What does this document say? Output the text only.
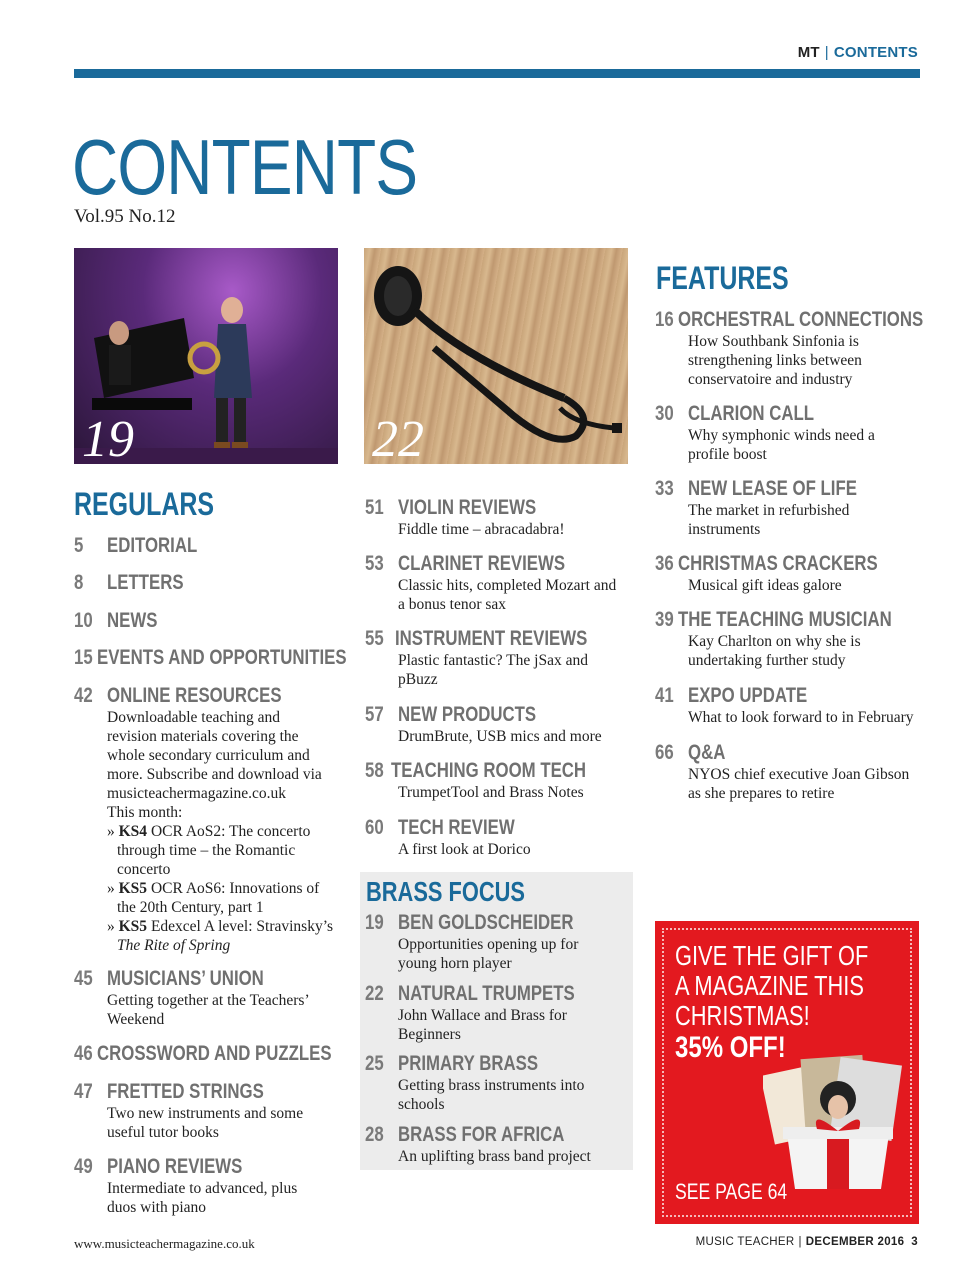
MT | CONTENTS
CONTENTS
Vol.95 No.12
19	22
REGULARS
5	EDITORIAL
8	LETTERS
10 NEWS
15 EVENTS AND OPPORTUNITIES
42 ONLINE RESOURCES
Downloadable teaching and
revision materials covering the
whole secondary curriculum and
more. Subscribe and download via
musicteachermagazine.co.uk
This month:
» KS4 OCR AoS2: The concerto
through time – the Romantic
concerto
» KS5 OCR AoS6: Innovations of
the 20th Century, part 1
» KS5 Edexcel A level: Stravinsky’s
The Rite of Spring
45 MUSICIANS’ UNION
Getting together at the Teachers’
Weekend
46 CROSSWORD AND PUZZLES
47 FRETTED STRINGS
Two new instruments and some
useful tutor books
49 PIANO REVIEWS
Intermediate to advanced, plus
duos with piano
51 VIOLIN REVIEWS
Fiddle time – abracadabra!
53 CLARINET REVIEWS
Classic hits, completed Mozart and
a bonus tenor sax
55 INSTRUMENT REVIEWS
Plastic fantastic? The jSax and
pBuzz
57 NEW PRODUCTS
DrumBrute, USB mics and more
58 TEACHING ROOM TECH
TrumpetTool and Brass Notes
60 TECH REVIEW
A first look at Dorico
BRASS FOCUS
19 BEN GOLDSCHEIDER
Opportunities opening up for
young horn player
22 NATURAL TRUMPETS
John Wallace and Brass for
Beginners
25 PRIMARY BRASS
Getting brass instruments into
schools
28 BRASS FOR AFRICA
An uplifting brass band project
FEATURES
16 ORCHESTRAL CONNECTIONS
How Southbank Sinfonia is
strengthening links between
conservatoire and industry
30 CLARION CALL
Why symphonic winds need a
profile boost
33 NEW LEASE OF LIFE
The market in refurbished
instruments
36 CHRISTMAS CRACKERS
Musical gift ideas galore
39 THE TEACHING MUSICIAN
Kay Charlton on why she is
undertaking further study
41 EXPO UPDATE
What to look forward to in February
66 Q&A
NYOS chief executive Joan Gibson
as she prepares to retire
GIVE THE GIFT OF
A MAGAZINE THIS
CHRISTMAS!
35% OFF!
SEE PAGE 64
www.musicteachermagazine.co.uk	MUSIC TEACHER | DECEMBER 2016 3
